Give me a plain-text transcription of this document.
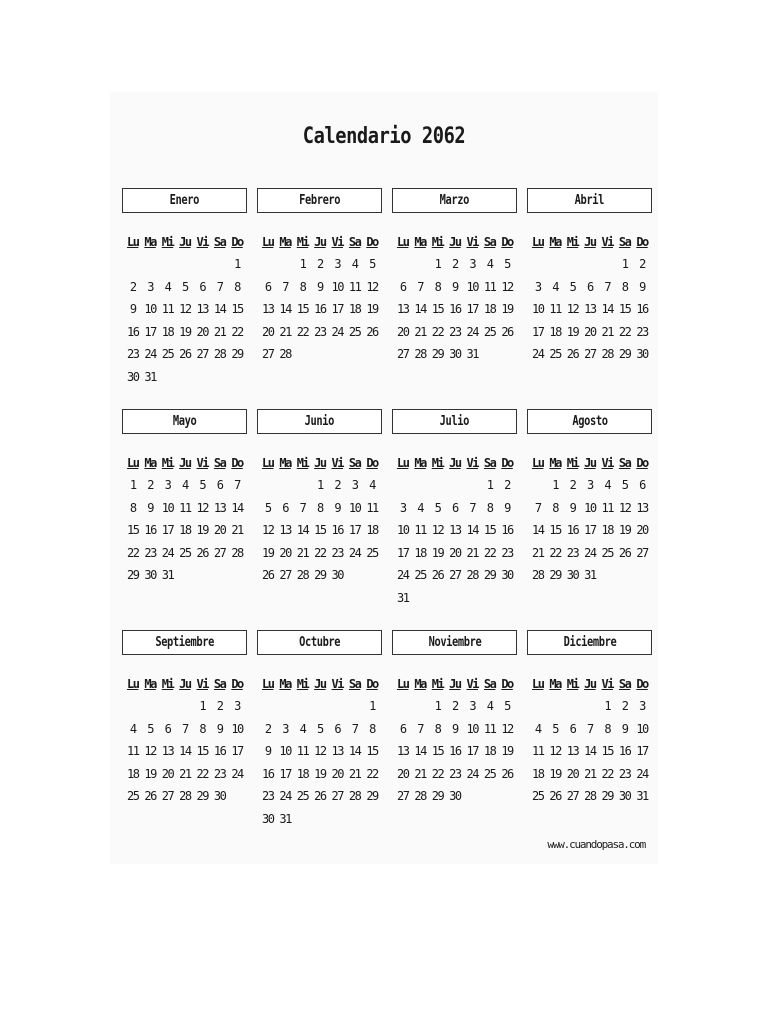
Calendario 2062
Enero
Lu Ma Mi Ju Vi Sa Do
1
2 3 4 5 6 7 8
9 10 11 12 13 14 15
16 17 18 19 20 21 22
23 24 25 26 27 28 29
30 31
Febrero
Lu Ma Mi Ju Vi Sa Do
1 2 3 4 5
6 7 8 9 10 11 12
13 14 15 16 17 18 19
20 21 22 23 24 25 26
27 28
Marzo
Lu Ma Mi Ju Vi Sa Do
1 2 3 4 5
6 7 8 9 10 11 12
13 14 15 16 17 18 19
20 21 22 23 24 25 26
27 28 29 30 31
Abril
Lu Ma Mi Ju Vi Sa Do
1 2
3 4 5 6 7 8 9
10 11 12 13 14 15 16
17 18 19 20 21 22 23
24 25 26 27 28 29 30
Mayo
Lu Ma Mi Ju Vi Sa Do
1 2 3 4 5 6 7
8 9 10 11 12 13 14
15 16 17 18 19 20 21
22 23 24 25 26 27 28
29 30 31
Junio
Lu Ma Mi Ju Vi Sa Do
1 2 3 4
5 6 7 8 9 10 11
12 13 14 15 16 17 18
19 20 21 22 23 24 25
26 27 28 29 30
Julio
Lu Ma Mi Ju Vi Sa Do
1 2
3 4 5 6 7 8 9
10 11 12 13 14 15 16
17 18 19 20 21 22 23
24 25 26 27 28 29 30
31
Agosto
Lu Ma Mi Ju Vi Sa Do
1 2 3 4 5 6
7 8 9 10 11 12 13
14 15 16 17 18 19 20
21 22 23 24 25 26 27
28 29 30 31
Septiembre
Lu Ma Mi Ju Vi Sa Do
1 2 3
4 5 6 7 8 9 10
11 12 13 14 15 16 17
18 19 20 21 22 23 24
25 26 27 28 29 30
Octubre
Lu Ma Mi Ju Vi Sa Do
1
2 3 4 5 6 7 8
9 10 11 12 13 14 15
16 17 18 19 20 21 22
23 24 25 26 27 28 29
30 31
Noviembre
Lu Ma Mi Ju Vi Sa Do
1 2 3 4 5
6 7 8 9 10 11 12
13 14 15 16 17 18 19
20 21 22 23 24 25 26
27 28 29 30
Diciembre
Lu Ma Mi Ju Vi Sa Do
1 2 3
4 5 6 7 8 9 10
11 12 13 14 15 16 17
18 19 20 21 22 23 24
25 26 27 28 29 30 31

www.cuandopasa.com
